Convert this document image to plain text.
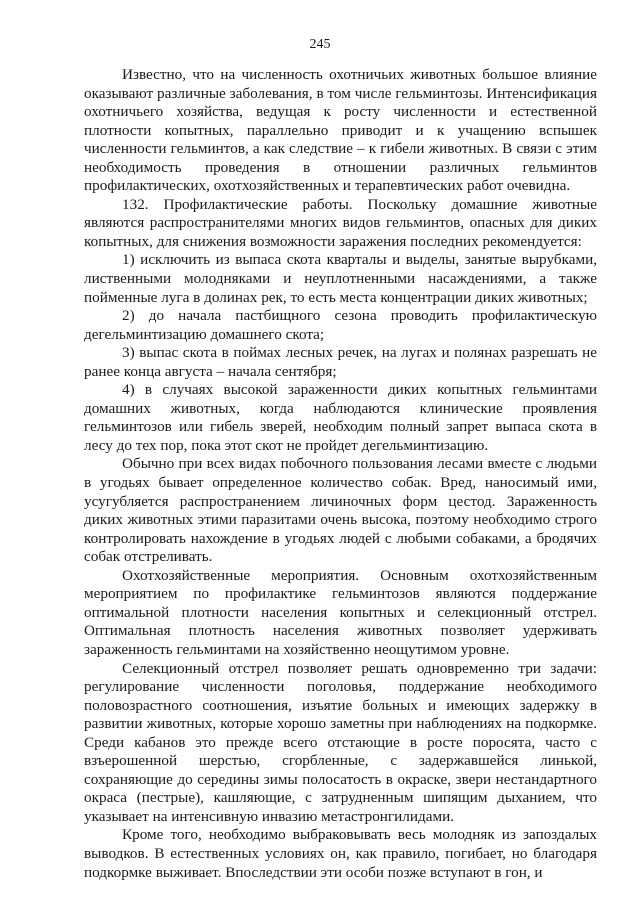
245

Известно, что на численность охотничьих животных большое влияние оказывают различные заболевания, в том числе гельминтозы. Интенсификация охотничьего хозяйства, ведущая к росту численности и естественной плотности копытных, параллельно приводит и к учащению вспышек численности гельминтов, а как следствие – к гибели животных. В связи с этим необходимость проведения в отношении различных гельминтов профилактических, охотхозяйственных и терапевтических работ очевидна.

132. Профилактические работы. Поскольку домашние животные являются распространителями многих видов гельминтов, опасных для диких копытных, для снижения возможности заражения последних рекомендуется:

1) исключить из выпаса скота кварталы и выделы, занятые вырубками, лиственными молодняками и неуплотненными насаждениями, а также пойменные луга в долинах рек, то есть места концентрации диких животных;

2) до начала пастбищного сезона проводить профилактическую дегельминтизацию домашнего скота;

3) выпас скота в поймах лесных речек, на лугах и полянах разрешать не ранее конца августа – начала сентября;

4) в случаях высокой зараженности диких копытных гельминтами домашних животных, когда наблюдаются клинические проявления гельминтозов или гибель зверей, необходим полный запрет выпаса скота в лесу до тех пор, пока этот скот не пройдет дегельминтизацию.

Обычно при всех видах побочного пользования лесами вместе с людьми в угодьях бывает определенное количество собак. Вред, наносимый ими, усугубляется распространением личиночных форм цестод. Зараженность диких животных этими паразитами очень высока, поэтому необходимо строго контролировать нахождение в угодьях людей с любыми собаками, а бродячих собак отстреливать.

Охотхозяйственные мероприятия. Основным охотхозяйственным мероприятием по профилактике гельминтозов являются поддержание оптимальной плотности населения копытных и селекционный отстрел. Оптимальная плотность населения животных позволяет удерживать зараженность гельминтами на хозяйственно неощутимом уровне.

Селекционный отстрел позволяет решать одновременно три задачи: регулирование численности поголовья, поддержание необходимого половозрастного соотношения, изъятие больных и имеющих задержку в развитии животных, которые хорошо заметны при наблюдениях на подкормке. Среди кабанов это прежде всего отстающие в росте поросята, часто с взъерошенной шерстью, сгорбленные, с задержавшейся линькой, сохраняющие до середины зимы полосатость в окраске, звери нестандартного окраса (пестрые), кашляющие, с затрудненным шипящим дыханием, что указывает на интенсивную инвазию метастронгилидами.

Кроме того, необходимо выбраковывать весь молодняк из запоздалых выводков. В естественных условиях он, как правило, погибает, но благодаря подкормке выживает. Впоследствии эти особи позже вступают в гон, и
